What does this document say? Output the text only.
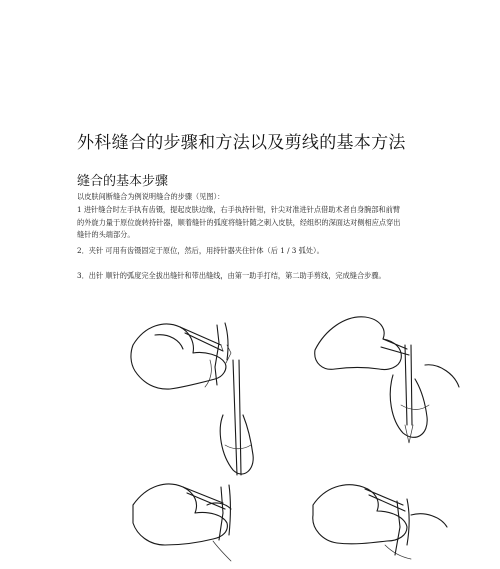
外科缝合的步骤和方法以及剪线的基本方法
缝合的基本步骤
以皮肤间断缝合为例说明缝合的步骤（见图）：
1 进针缝合时左手执有齿镊，提起皮肤边缘，右手执持针钳，针尖对准进针点借助术者自身腕部和前臂的外旋力量于原位旋转持针器，顺着缝针的弧度将缝针随之刺入皮肤，经组织的深面达对侧相应点穿出缝针的头端部分。
2．夹针 可用有齿镊固定于原位，然后，用持针器夹住针体（后 1 / 3 弧处）。
3．出针 顺针的弧度完全拔出缝针和带出缝线，由第一助手打结，第二助手剪线，完成缝合步骤。
